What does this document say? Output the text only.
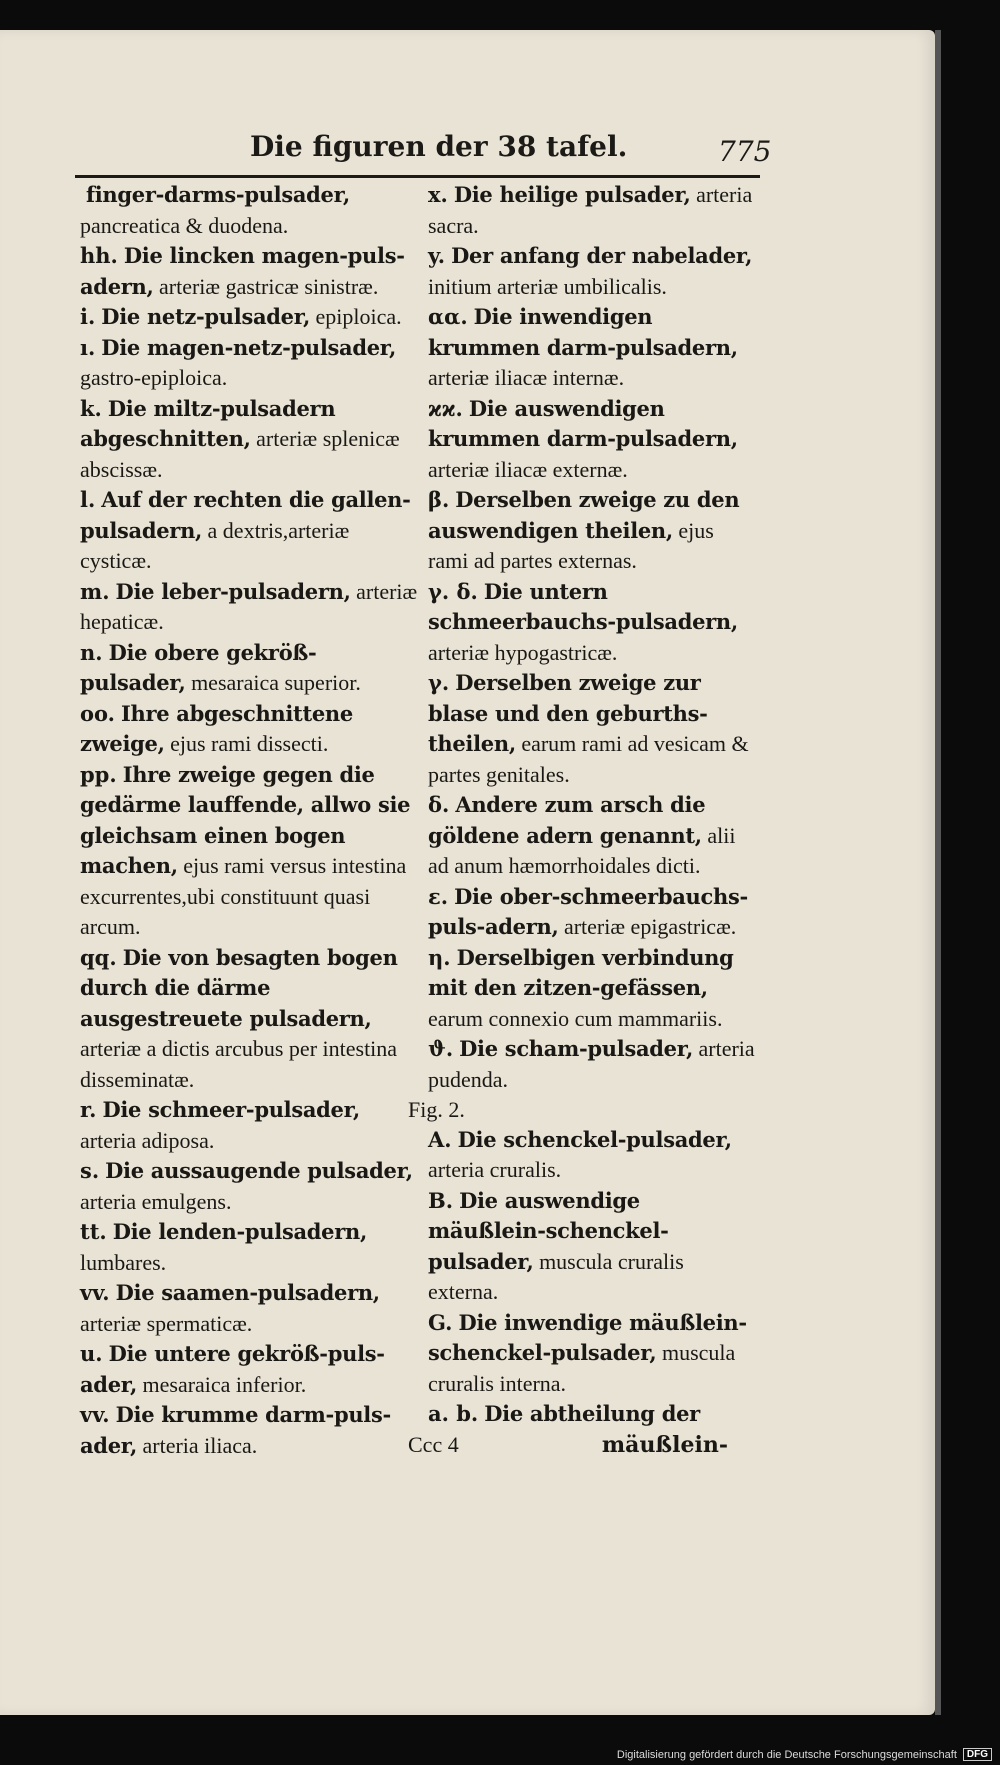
Die figuren der 38 tafel.	775
finger-darms-pulsader, pancreatica & duodena.
hh. Die lincken magen-puls-adern, arteriæ gastricæ sinistræ.
i. Die netz-pulsader, epiploica.
ı. Die magen-netz-pulsader, gastro-epiploica.
k. Die miltz-pulsadern abgeschnitten, arteriæ splenicæ abscissæ.
l. Auf der rechten die gallen-pulsadern, a dextris,arteriæ cysticæ.
m. Die leber-pulsadern, arteriæ hepaticæ.
n. Die obere gekröß-pulsader, mesaraica superior.
oo. Ihre abgeschnittene zweige, ejus rami dissecti.
pp. Ihre zweige gegen die gedärme lauffende, allwo sie gleichsam einen bogen machen, ejus rami versus intestina excurrentes,ubi constituunt quasi arcum.
qq. Die von besagten bogen durch die därme ausgestreuete pulsadern, arteriæ a dictis arcubus per intestina disseminatæ.
r. Die schmeer-pulsader, arteria adiposa.
s. Die aussaugende pulsader, arteria emulgens.
tt. Die lenden-pulsadern, lumbares.
vv. Die saamen-pulsadern, arteriæ spermaticæ.
u. Die untere gekröß-puls-ader, mesaraica inferior.
vv. Die krumme darm-puls-ader, arteria iliaca.
x. Die heilige pulsader, arteria sacra.
y. Der anfang der nabelader, initium arteriæ umbilicalis.
αα. Die inwendigen krummen darm-pulsadern, arteriæ iliacæ internæ.
ϰϰ. Die auswendigen krummen darm-pulsadern, arteriæ iliacæ externæ.
β. Derselben zweige zu den auswendigen theilen, ejus rami ad partes externas.
γ. δ. Die untern schmeerbauchs-pulsadern, arteriæ hypogastricæ.
γ. Derselben zweige zur blase und den geburths-theilen, earum rami ad vesicam & partes genitales.
δ. Andere zum arsch die göldene adern genannt, alii ad anum hæmorrhoidales dicti.
ε. Die ober-schmeerbauchs-puls-adern, arteriæ epigastricæ.
η. Derselbigen verbindung mit den zitzen-gefässen, earum connexio cum mammariis.
ϑ. Die scham-pulsader, arteria pudenda.
Fig. 2.
A. Die schenckel-pulsader, arteria cruralis.
B. Die auswendige mäußlein-schenckel-pulsader, muscula cruralis externa.
G. Die inwendige mäußlein-schenckel-pulsader, muscula cruralis interna.
a. b. Die abtheilung der
Ccc 4	mäußlein-
Digitalisierung gefördert durch die Deutsche Forschungsgemeinschaft	DFG
